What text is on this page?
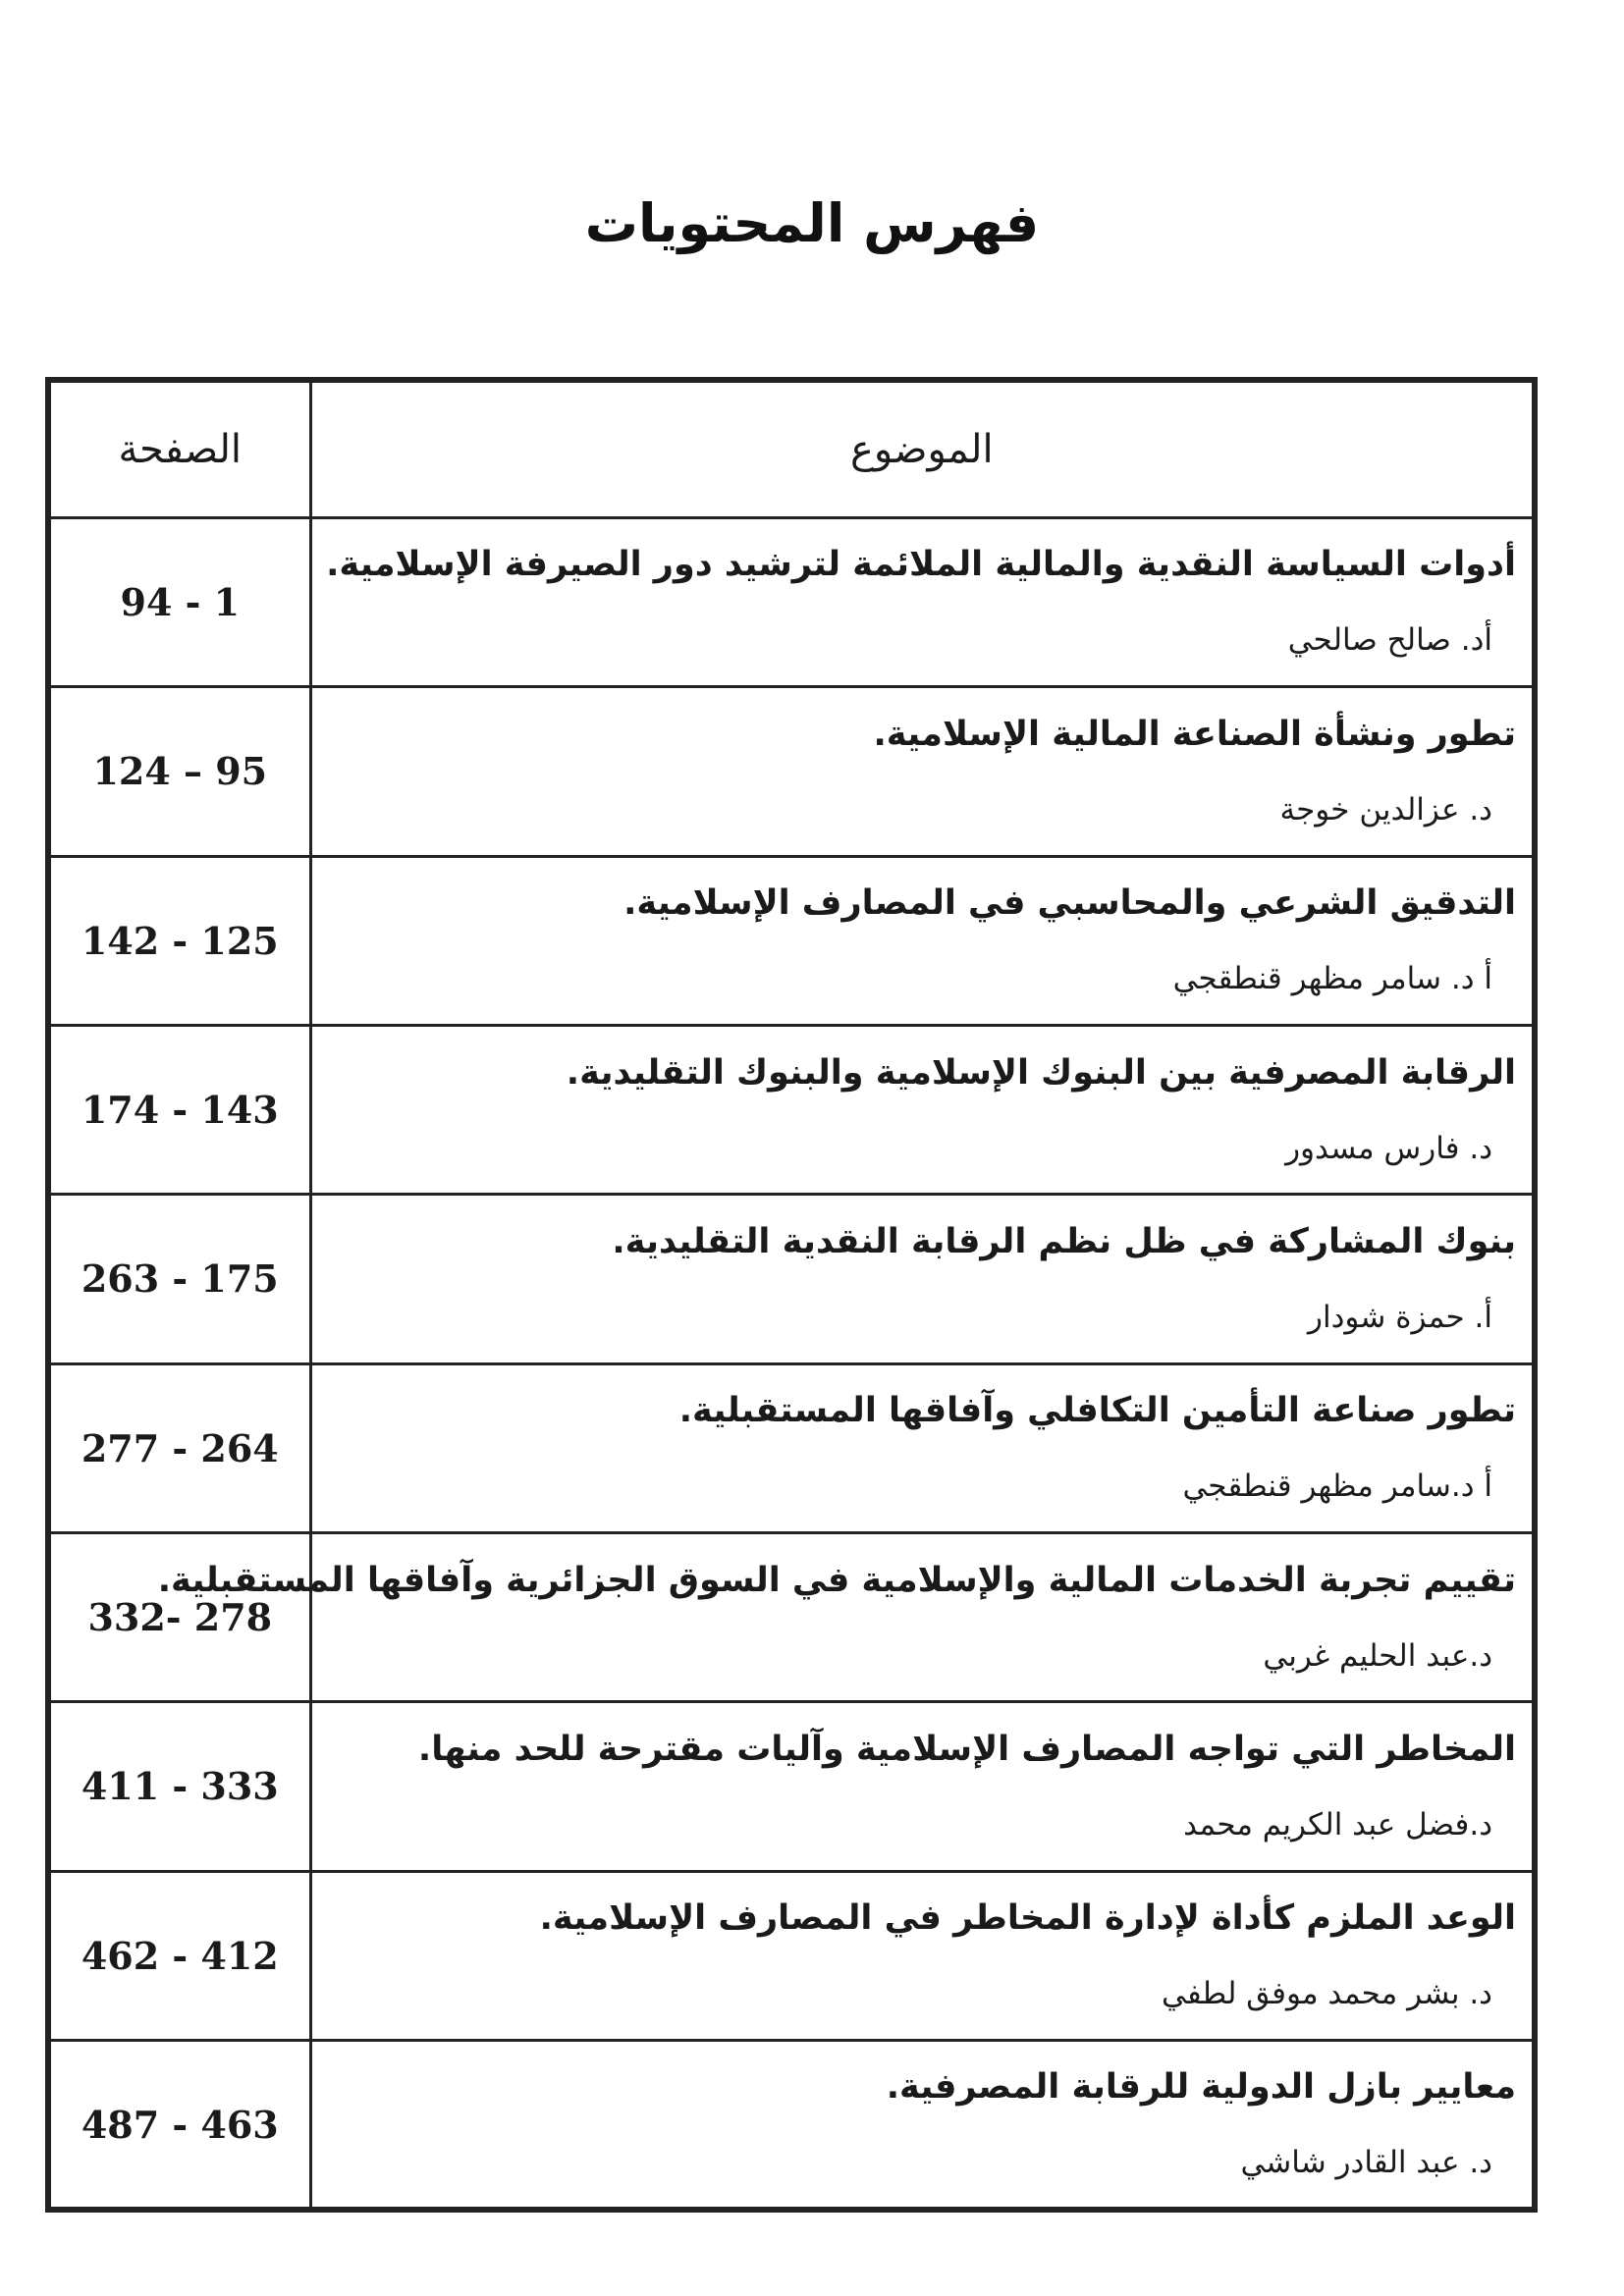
فهرس المحتويات
الموضوع	الصفحة

أدوات السياسة النقدية والمالية الملائمة لترشيد دور الصيرفة الإسلامية.
أد. صالح صالحي	94 - 1

تطور ونشأة الصناعة المالية الإسلامية.
د. عزالدين خوجة	124 – 95

التدقيق الشرعي والمحاسبي في المصارف الإسلامية.
أ د. سامر مظهر قنطقجي	142 - 125

الرقابة المصرفية بين البنوك الإسلامية والبنوك التقليدية.
د. فارس مسدور	174 - 143

بنوك المشاركة في ظل نظم الرقابة النقدية التقليدية.
أ. حمزة شودار	263 - 175

تطور صناعة التأمين التكافلي وآفاقها المستقبلية.
أ د.سامر مظهر قنطقجي	277 - 264

تقييم تجربة الخدمات المالية والإسلامية في السوق الجزائرية وآفاقها المستقبلية.
د.عبد الحليم غربي	332- 278

المخاطر التي تواجه المصارف الإسلامية وآليات مقترحة للحد منها.
د.فضل عبد الكريم محمد	411 - 333

الوعد الملزم كأداة لإدارة المخاطر في المصارف الإسلامية.
د. بشر محمد موفق لطفي	462 - 412

معايير بازل الدولية للرقابة المصرفية.
د. عبد القادر شاشي	487 - 463
